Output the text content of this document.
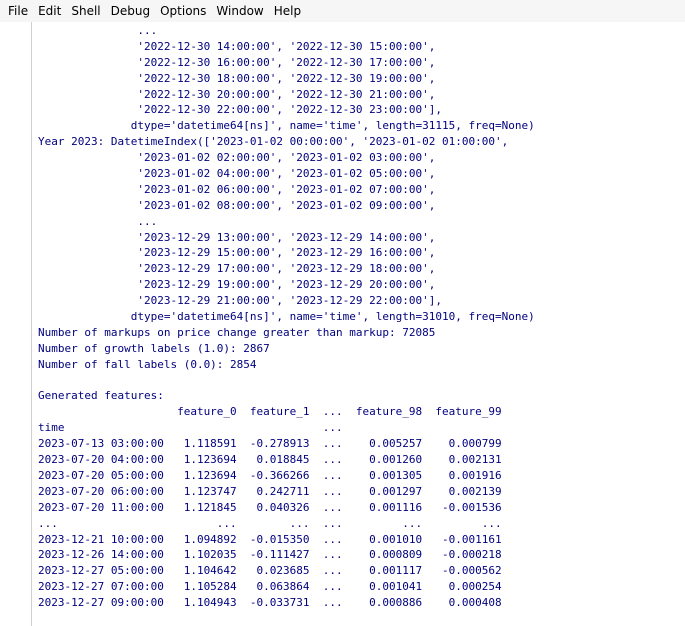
File Edit Shell Debug Options Window Help
...
'2022-12-30 14:00:00', '2022-12-30 15:00:00',
'2022-12-30 16:00:00', '2022-12-30 17:00:00',
'2022-12-30 18:00:00', '2022-12-30 19:00:00',
'2022-12-30 20:00:00', '2022-12-30 21:00:00',
'2022-12-30 22:00:00', '2022-12-30 23:00:00'],
dtype='datetime64[ns]', name='time', length=31115, freq=None)
Year 2023: DatetimeIndex(['2023-01-02 00:00:00', '2023-01-02 01:00:00',
'2023-01-02 02:00:00', '2023-01-02 03:00:00',
'2023-01-02 04:00:00', '2023-01-02 05:00:00',
'2023-01-02 06:00:00', '2023-01-02 07:00:00',
'2023-01-02 08:00:00', '2023-01-02 09:00:00',
...
'2023-12-29 13:00:00', '2023-12-29 14:00:00',
'2023-12-29 15:00:00', '2023-12-29 16:00:00',
'2023-12-29 17:00:00', '2023-12-29 18:00:00',
'2023-12-29 19:00:00', '2023-12-29 20:00:00',
'2023-12-29 21:00:00', '2023-12-29 22:00:00'],
dtype='datetime64[ns]', name='time', length=31010, freq=None)
Number of markups on price change greater than markup: 72085
Number of growth labels (1.0): 2867
Number of fall labels (0.0): 2854
Generated features:
feature_0  feature_1  ...  feature_98  feature_99
time                                       ...
2023-07-13 03:00:00   1.118591  -0.278913  ...    0.005257    0.000799
2023-07-20 04:00:00   1.123694   0.018845  ...    0.001260    0.002131
2023-07-20 05:00:00   1.123694  -0.366266  ...    0.001305    0.001916
2023-07-20 06:00:00   1.123747   0.242711  ...    0.001297    0.002139
2023-07-20 11:00:00   1.121845   0.040326  ...    0.001116   -0.001536
...                        ...        ...  ...         ...         ...
2023-12-21 10:00:00   1.094892  -0.015350  ...    0.001010   -0.001161
2023-12-26 14:00:00   1.102035  -0.111427  ...    0.000809   -0.000218
2023-12-27 05:00:00   1.104642   0.023685  ...    0.001117   -0.000562
2023-12-27 07:00:00   1.105284   0.063864  ...    0.001041    0.000254
2023-12-27 09:00:00   1.104943  -0.033731  ...    0.000886    0.000408
